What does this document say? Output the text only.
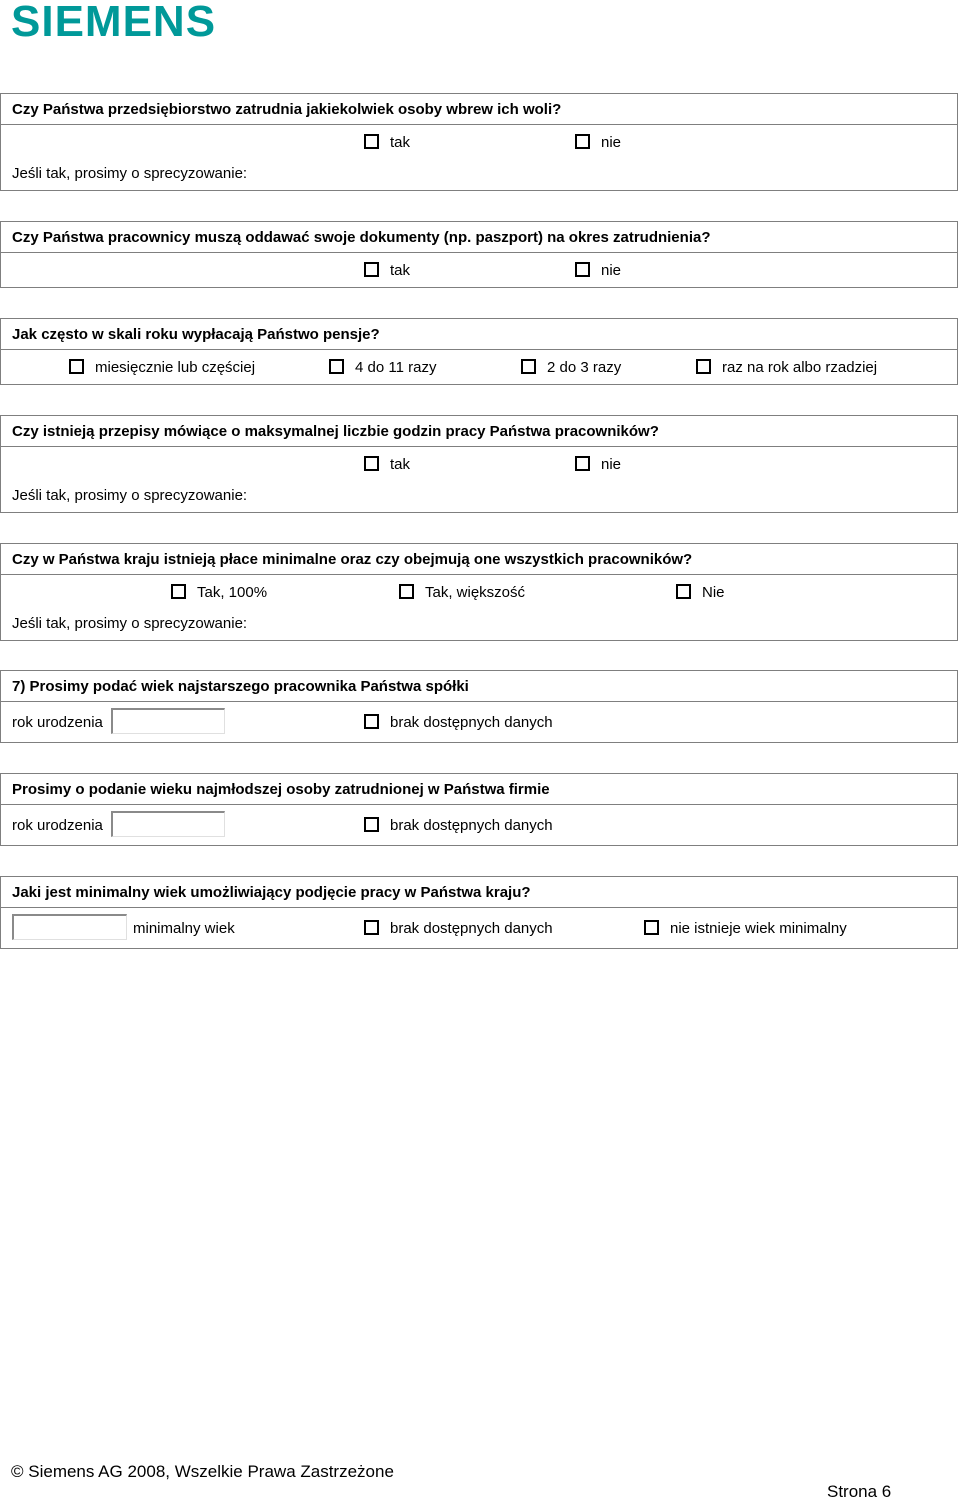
SIEMENS
Czy Państwa przedsiębiorstwo zatrudnia jakiekolwiek osoby wbrew ich woli?
tak	nie
Jeśli tak, prosimy o sprecyzowanie:
Czy Państwa pracownicy muszą oddawać swoje dokumenty (np. paszport) na okres zatrudnienia?
tak	nie
Jak często w skali roku wypłacają Państwo pensje?
miesięcznie lub częściej	4 do 11 razy	2 do 3 razy	raz na rok albo rzadziej
Czy istnieją przepisy mówiące o maksymalnej liczbie godzin pracy Państwa pracowników?
tak	nie
Jeśli tak, prosimy o sprecyzowanie:
Czy w Państwa kraju istnieją płace minimalne oraz czy obejmują one wszystkich pracowników?
Tak, 100%	Tak, większość	Nie
Jeśli tak, prosimy o sprecyzowanie:
7) Prosimy podać wiek najstarszego pracownika Państwa spółki
rok urodzenia	brak dostępnych danych
Prosimy o podanie wieku najmłodszej osoby zatrudnionej w Państwa firmie
rok urodzenia	brak dostępnych danych
Jaki jest minimalny wiek umożliwiający podjęcie pracy w Państwa kraju?
minimalny wiek	brak dostępnych danych	nie istnieje wiek minimalny
© Siemens AG 2008, Wszelkie Prawa Zastrzeżone
Strona 6
